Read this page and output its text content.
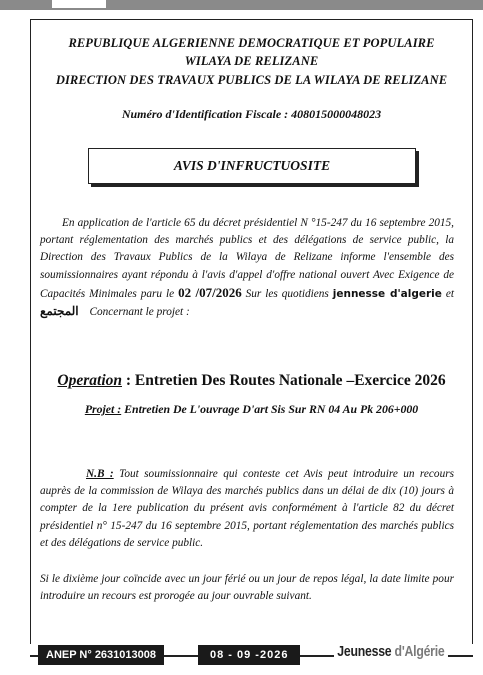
REPUBLIQUE ALGERIENNE DEMOCRATIQUE ET POPULAIRE
WILAYA DE RELIZANE
DIRECTION DES TRAVAUX PUBLICS DE LA WILAYA DE RELIZANE
Numéro d'Identification Fiscale : 408015000048023
AVIS D'INFRUCTUOSITE
En application de l'article 65 du décret présidentiel N °15-247 du 16 septembre 2015, portant réglementation des marchés publics et des délégations de service public, la Direction des Travaux Publics de la Wilaya de Relizane informe l'ensemble des soumissionnaires ayant répondu à l'avis d'appel d'offre national ouvert Avec Exigence de Capacités Minimales paru le 02 /07/2026 Sur les quotidiens jennesse d'algerie et المجتمع Concernant le projet :
Operation : Entretien Des Routes Nationale –Exercice 2026
Projet : Entretien De L'ouvrage D'art Sis Sur RN 04 Au Pk 206+000
N.B : Tout soumissionnaire qui conteste cet Avis peut introduire un recours auprès de la commission de Wilaya des marchés publics dans un délai de dix (10) jours à compter de la 1ere publication du présent avis conformément à l'article 82 du décret présidentiel n° 15-247 du 16 septembre 2015, portant réglementation des marchés publics et des délégations de service public.
Si le dixième jour coïncide avec un jour férié ou un jour de repos légal, la date limite pour introduire un recours est prorogée au jour ouvrable suivant.
ANEP N° 2631013008	08 - 09 -2026	Jeunesse d'Algérie
